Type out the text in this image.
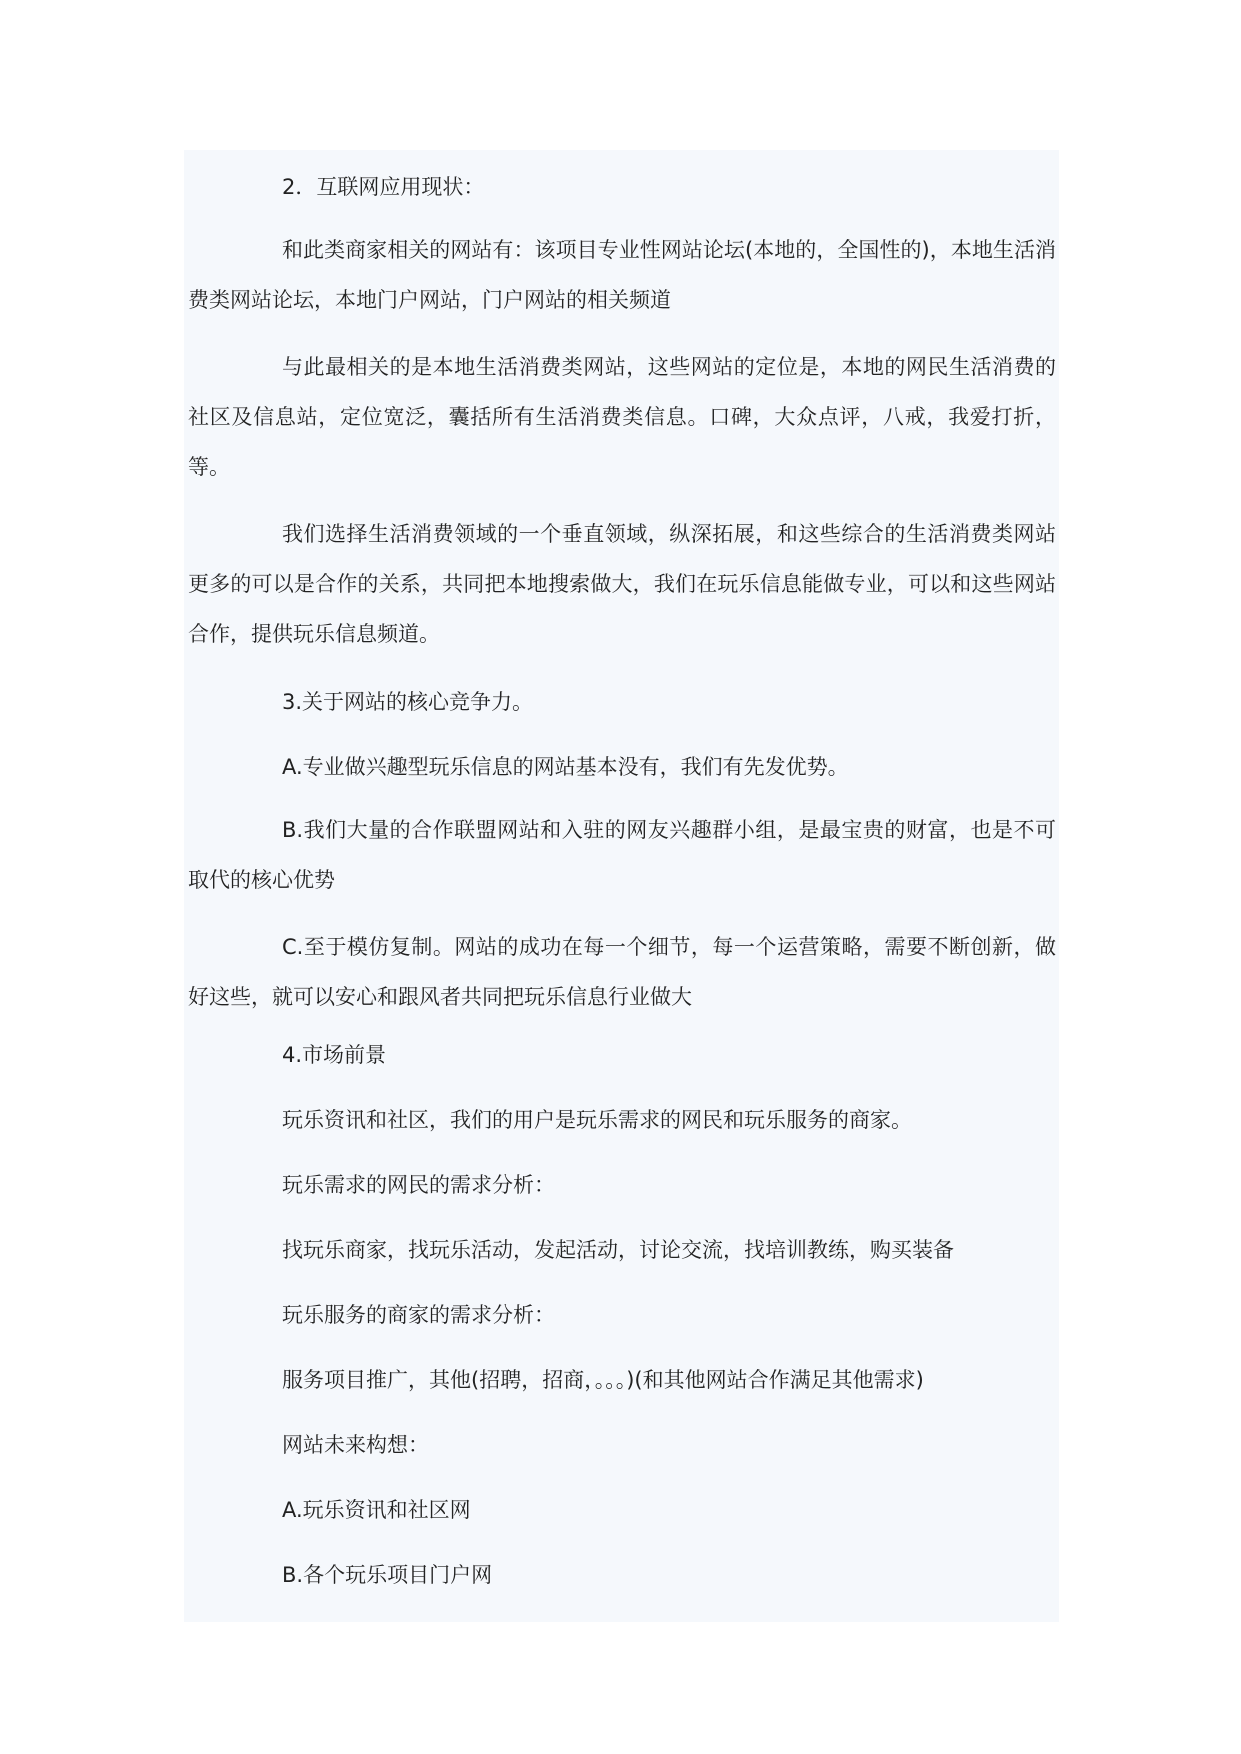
2．互联网应用现状：

和此类商家相关的网站有：该项目专业性网站论坛(本地的，全国性的)，本地生活消费类网站论坛，本地门户网站，门户网站的相关频道

与此最相关的是本地生活消费类网站，这些网站的定位是，本地的网民生活消费的社区及信息站，定位宽泛，囊括所有生活消费类信息。口碑，大众点评，八戒，我爱打折，等。

我们选择生活消费领域的一个垂直领域，纵深拓展，和这些综合的生活消费类网站更多的可以是合作的关系，共同把本地搜索做大，我们在玩乐信息能做专业，可以和这些网站合作，提供玩乐信息频道。

3.关于网站的核心竞争力。

A.专业做兴趣型玩乐信息的网站基本没有，我们有先发优势。

B.我们大量的合作联盟网站和入驻的网友兴趣群小组，是最宝贵的财富，也是不可取代的核心优势

C.至于模仿复制。网站的成功在每一个细节，每一个运营策略，需要不断创新，做好这些，就可以安心和跟风者共同把玩乐信息行业做大

4.市场前景

玩乐资讯和社区，我们的用户是玩乐需求的网民和玩乐服务的商家。

玩乐需求的网民的需求分析：

找玩乐商家，找玩乐活动，发起活动，讨论交流，找培训教练，购买装备

玩乐服务的商家的需求分析：

服务项目推广，其他(招聘，招商，。。。)(和其他网站合作满足其他需求)

网站未来构想：

A.玩乐资讯和社区网

B.各个玩乐项目门户网
